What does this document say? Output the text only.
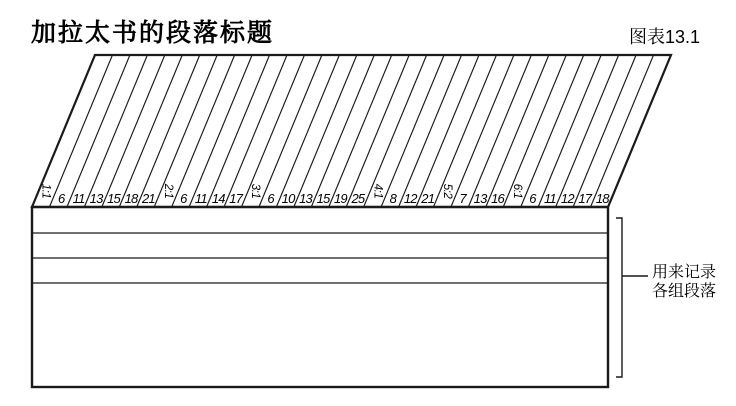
加拉太书的段落标题	图表13.1
1:1 6 11 13 15 18 21 2:1 6 11 14 17 3:1 6 10 13 15 19 25 4:1 8 12 21 5:2 7 13 16 6:1 6 11 12 17 18
用来记录
各组段落
